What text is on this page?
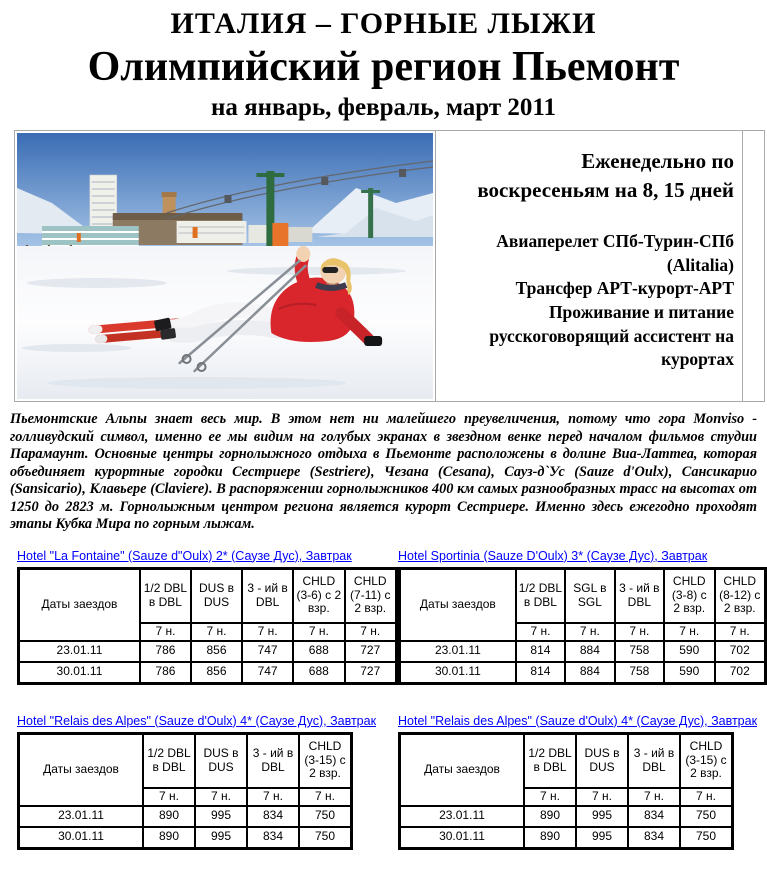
ИТАЛИЯ – ГОРНЫЕ ЛЫЖИ
Олимпийский регион Пьемонт
на январь, февраль, март 2011
Еженедельно по воскресеньям на 8, 15 дней
Авиаперелет СПб-Турин-СПб (Alitalia)
Трансфер АРТ-курорт-АРТ
Проживание и питание
русскоговорящий ассистент на курортах
Пьемонтские Альпы знает весь мир. В этом нет ни малейшего преувеличения, потому что гора Monviso - голливудский символ, именно ее мы видим на голубых экранах в звездном венке перед началом фильмов студии Парамаунт. Основные центры горнолыжного отдыха в Пьемонте расположены в долине Виа-Латтеа, которая объединяет курортные городки Сестриере (Sestriere), Чезана (Cesana), Сауз-д`Ус (Sauze d'Oulx), Сансикарио (Sansicario), Клавьере (Claviere). В распоряжении горнолыжников 400 км самых разнообразных трасс на высотах от 1250 до 2823 м. Горнолыжным центром региона является курорт Сестриере. Именно здесь ежегодно проходят этапы Кубка Мира по горным лыжам.
Hotel "La Fontaine" (Sauze d"Oulx) 2* (Саузе Дус), Завтрак
Даты заездов	1/2 DBL в DBL	DUS в DUS	3 - ий в DBL	CHLD (3-6) с 2 взр.	CHLD (7-11) с 2 взр.
	7 н.	7 н.	7 н.	7 н.	7 н.
23.01.11	786	856	747	688	727
30.01.11	786	856	747	688	727
Hotel Sportinia (Sauze D'Oulx) 3* (Саузе Дус), Завтрак
Даты заездов	1/2 DBL в DBL	SGL в SGL	3 - ий в DBL	CHLD (3-8) с 2 взр.	CHLD (8-12) с 2 взр.
	7 н.	7 н.	7 н.	7 н.	7 н.
23.01.11	814	884	758	590	702
30.01.11	814	884	758	590	702
Hotel "Relais des Alpes" (Sauze d'Oulx) 4* (Саузе Дус), Завтрак
Даты заездов	1/2 DBL в DBL	DUS в DUS	3 - ий в DBL	CHLD (3-15) с 2 взр.
	7 н.	7 н.	7 н.	7 н.
23.01.11	890	995	834	750
30.01.11	890	995	834	750
Hotel "Relais des Alpes" (Sauze d'Oulx) 4* (Саузе Дус), Завтрак
Даты заездов	1/2 DBL в DBL	DUS в DUS	3 - ий в DBL	CHLD (3-15) с 2 взр.
	7 н.	7 н.	7 н.	7 н.
23.01.11	890	995	834	750
30.01.11	890	995	834	750
